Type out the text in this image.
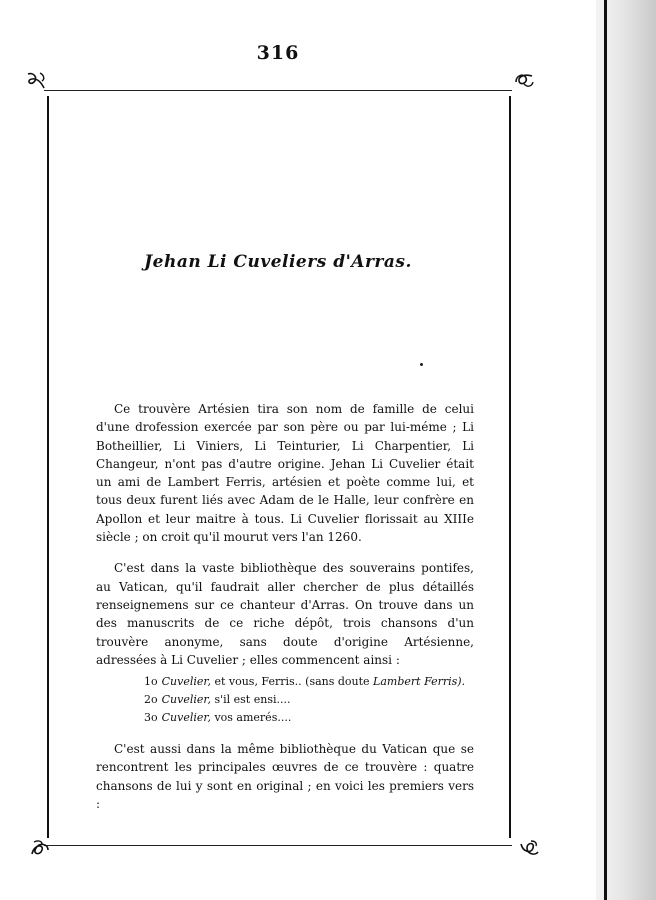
316
Jehan Li Cuveliers d'Arras.

Ce trouvère Artésien tira son nom de famille de celui d'une drofession exercée par son père ou par lui-méme ; Li Botheillier, Li Viniers, Li Teinturier, Li Charpentier, Li Changeur, n'ont pas d'autre origine. Jehan Li Cuvelier était un ami de Lambert Ferris, artésien et poète comme lui, et tous deux furent liés avec Adam de le Halle, leur confrère en Apollon et leur maitre à tous. Li Cuvelier florissait au XIIIe siècle ; on croit qu'il mourut vers l'an 1260.

C'est dans la vaste bibliothèque des souverains pontifes, au Vatican, qu'il faudrait aller chercher de plus détaillés renseignemens sur ce chanteur d'Arras. On trouve dans un des manuscrits de ce riche dépôt, trois chansons d'un trouvère anonyme, sans doute d'origine Artésienne, adressées à Li Cuvelier ; elles commencent ainsi :

1o Cuvelier, et vous, Ferris.. (sans doute Lambert Ferris).
2o Cuvelier, s'il est ensi....
3o Cuvelier, vos amerés....

C'est aussi dans la même bibliothèque du Vatican que se rencontrent les principales œuvres de ce trouvère : quatre chansons de lui y sont en original ; en voici les premiers vers :
